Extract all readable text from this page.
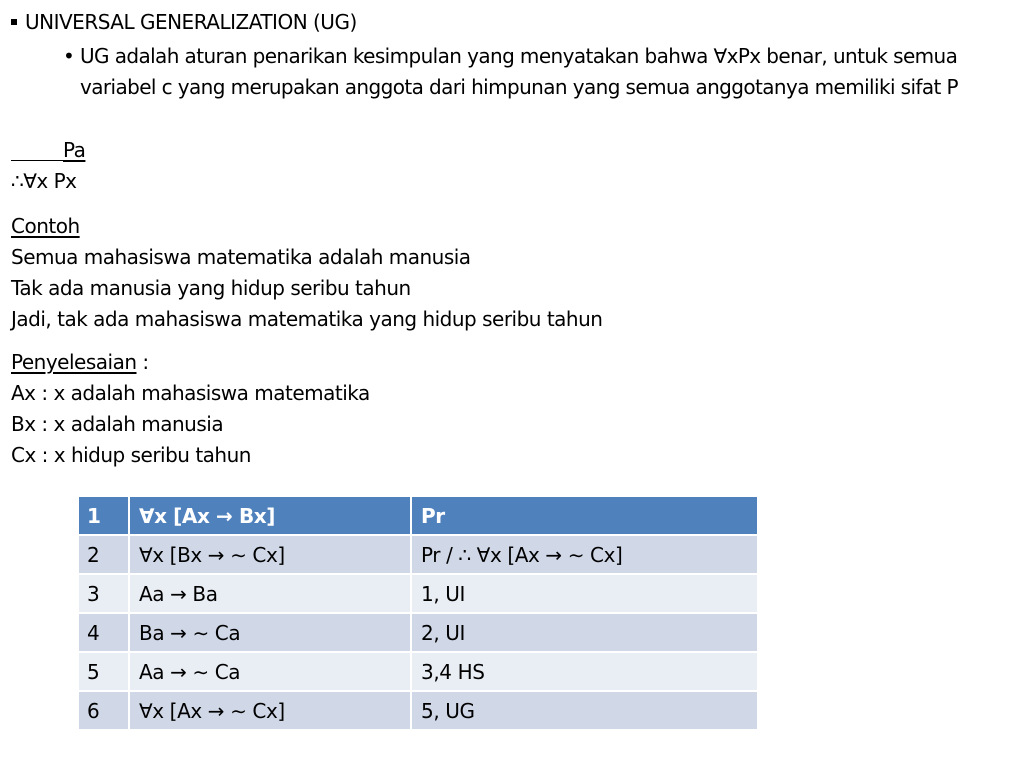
UNIVERSAL GENERALIZATION (UG)
• UG adalah aturan penarikan kesimpulan yang menyatakan bahwa ∀xPx benar, untuk semua variabel c yang merupakan anggota dari himpunan yang semua anggotanya memiliki sifat P
Pa
∴∀x Px
Contoh
Semua mahasiswa matematika adalah manusia
Tak ada manusia yang hidup seribu tahun
Jadi, tak ada mahasiswa matematika yang hidup seribu tahun
Penyelesaian :
Ax : x adalah mahasiswa matematika
Bx : x adalah manusia
Cx : x hidup seribu tahun
1	∀x [Ax → Bx]	Pr
2	∀x [Bx → ∼ Cx]	Pr / ∴ ∀x [Ax → ∼ Cx]
3	Aa → Ba	1, UI
4	Ba → ∼ Ca	2, UI
5	Aa → ∼ Ca	3,4 HS
6	∀x [Ax → ∼ Cx]	5, UG
